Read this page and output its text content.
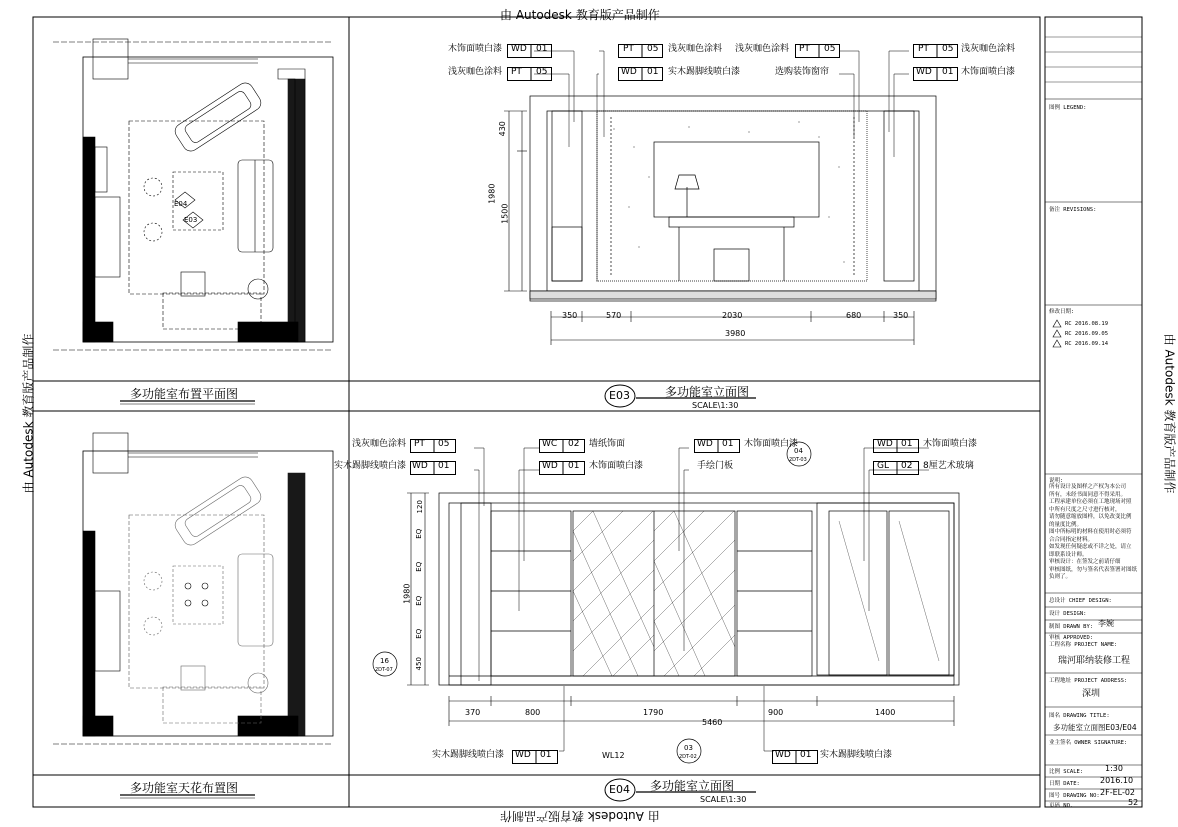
由 Autodesk 教育版产品制作
由 Autodesk 教育版产品制作
由 Autodesk 教育版产品制作	由 Autodesk 教育版产品制作
E04
E03
多功能室布置平面图
多功能室天花布置图
木饰面喷白漆 WD 01
浅灰咖色涂料 PT 05
PT 05 浅灰咖色涂料
WD 01 实木踢脚线喷白漆
浅灰咖色涂料 PT 05
选购装饰窗帘
PT 05 浅灰咖色涂料
WD 01 木饰面喷白漆
350	570	2030	680	350
3980
430
1500
1980
E03	多功能室立面图
SCALE\1:30
浅灰咖色涂料 PT 05
实木踢脚线喷白漆 WD 01
WC 02 墙纸饰面
WD 01 木饰面喷白漆
WD 01 木饰面喷白漆
手绘门板
WD 01 木饰面喷白漆
GL 02 8厘艺术玻璃
实木踢脚线喷白漆 WD 01	WD 01 实木踢脚线喷白漆
WL12
370	800	1790	900	1400
5460
120
EQ
EQ
EQ
EQ
450
1980
04
2DT-03
16
2DT-07
03
2DT-02
E04 多功能室立面图
SCALE\1:30
图例 LEGEND:
备注 REVISIONS:
修改日期:
RC 2016.08.19
RC 2016.09.05
RC 2016.09.14
说明:
所有设计及图样之产权为本公司
所有，未经书面同意不得采用。
工程承建单位必须在工地现场对照
中所有尺度之尺寸进行核对，
请勿随意缩放图样，以免改变比例
的量度比例。
图中所标明的材料在使用时必须符
合合同指定材料。
如发现任何疑虑或不详之处，请立
即联系设计师。
审核设计：在签发之前请仔细
审核图纸，勿与签名代表签署对图纸
负则了。
总设计 CHIEF DESIGN:
设计 DESIGN:
制图 DRAWN BY: 李婉
审核 APPROVED:
工程名称 PROJECT NAME:
瑞河耶纳装修工程
工程地址 PROJECT ADDRESS:
深圳
图名 DRAWING TITLE:
多功能室立面图E03/E04
业主签名 OWNER SIGNATURE:
比例 SCALE:	1:30
日期 DATE:	2016.10
图号 DRAWING NO: 2F-EL-02
页码 NO.	52
